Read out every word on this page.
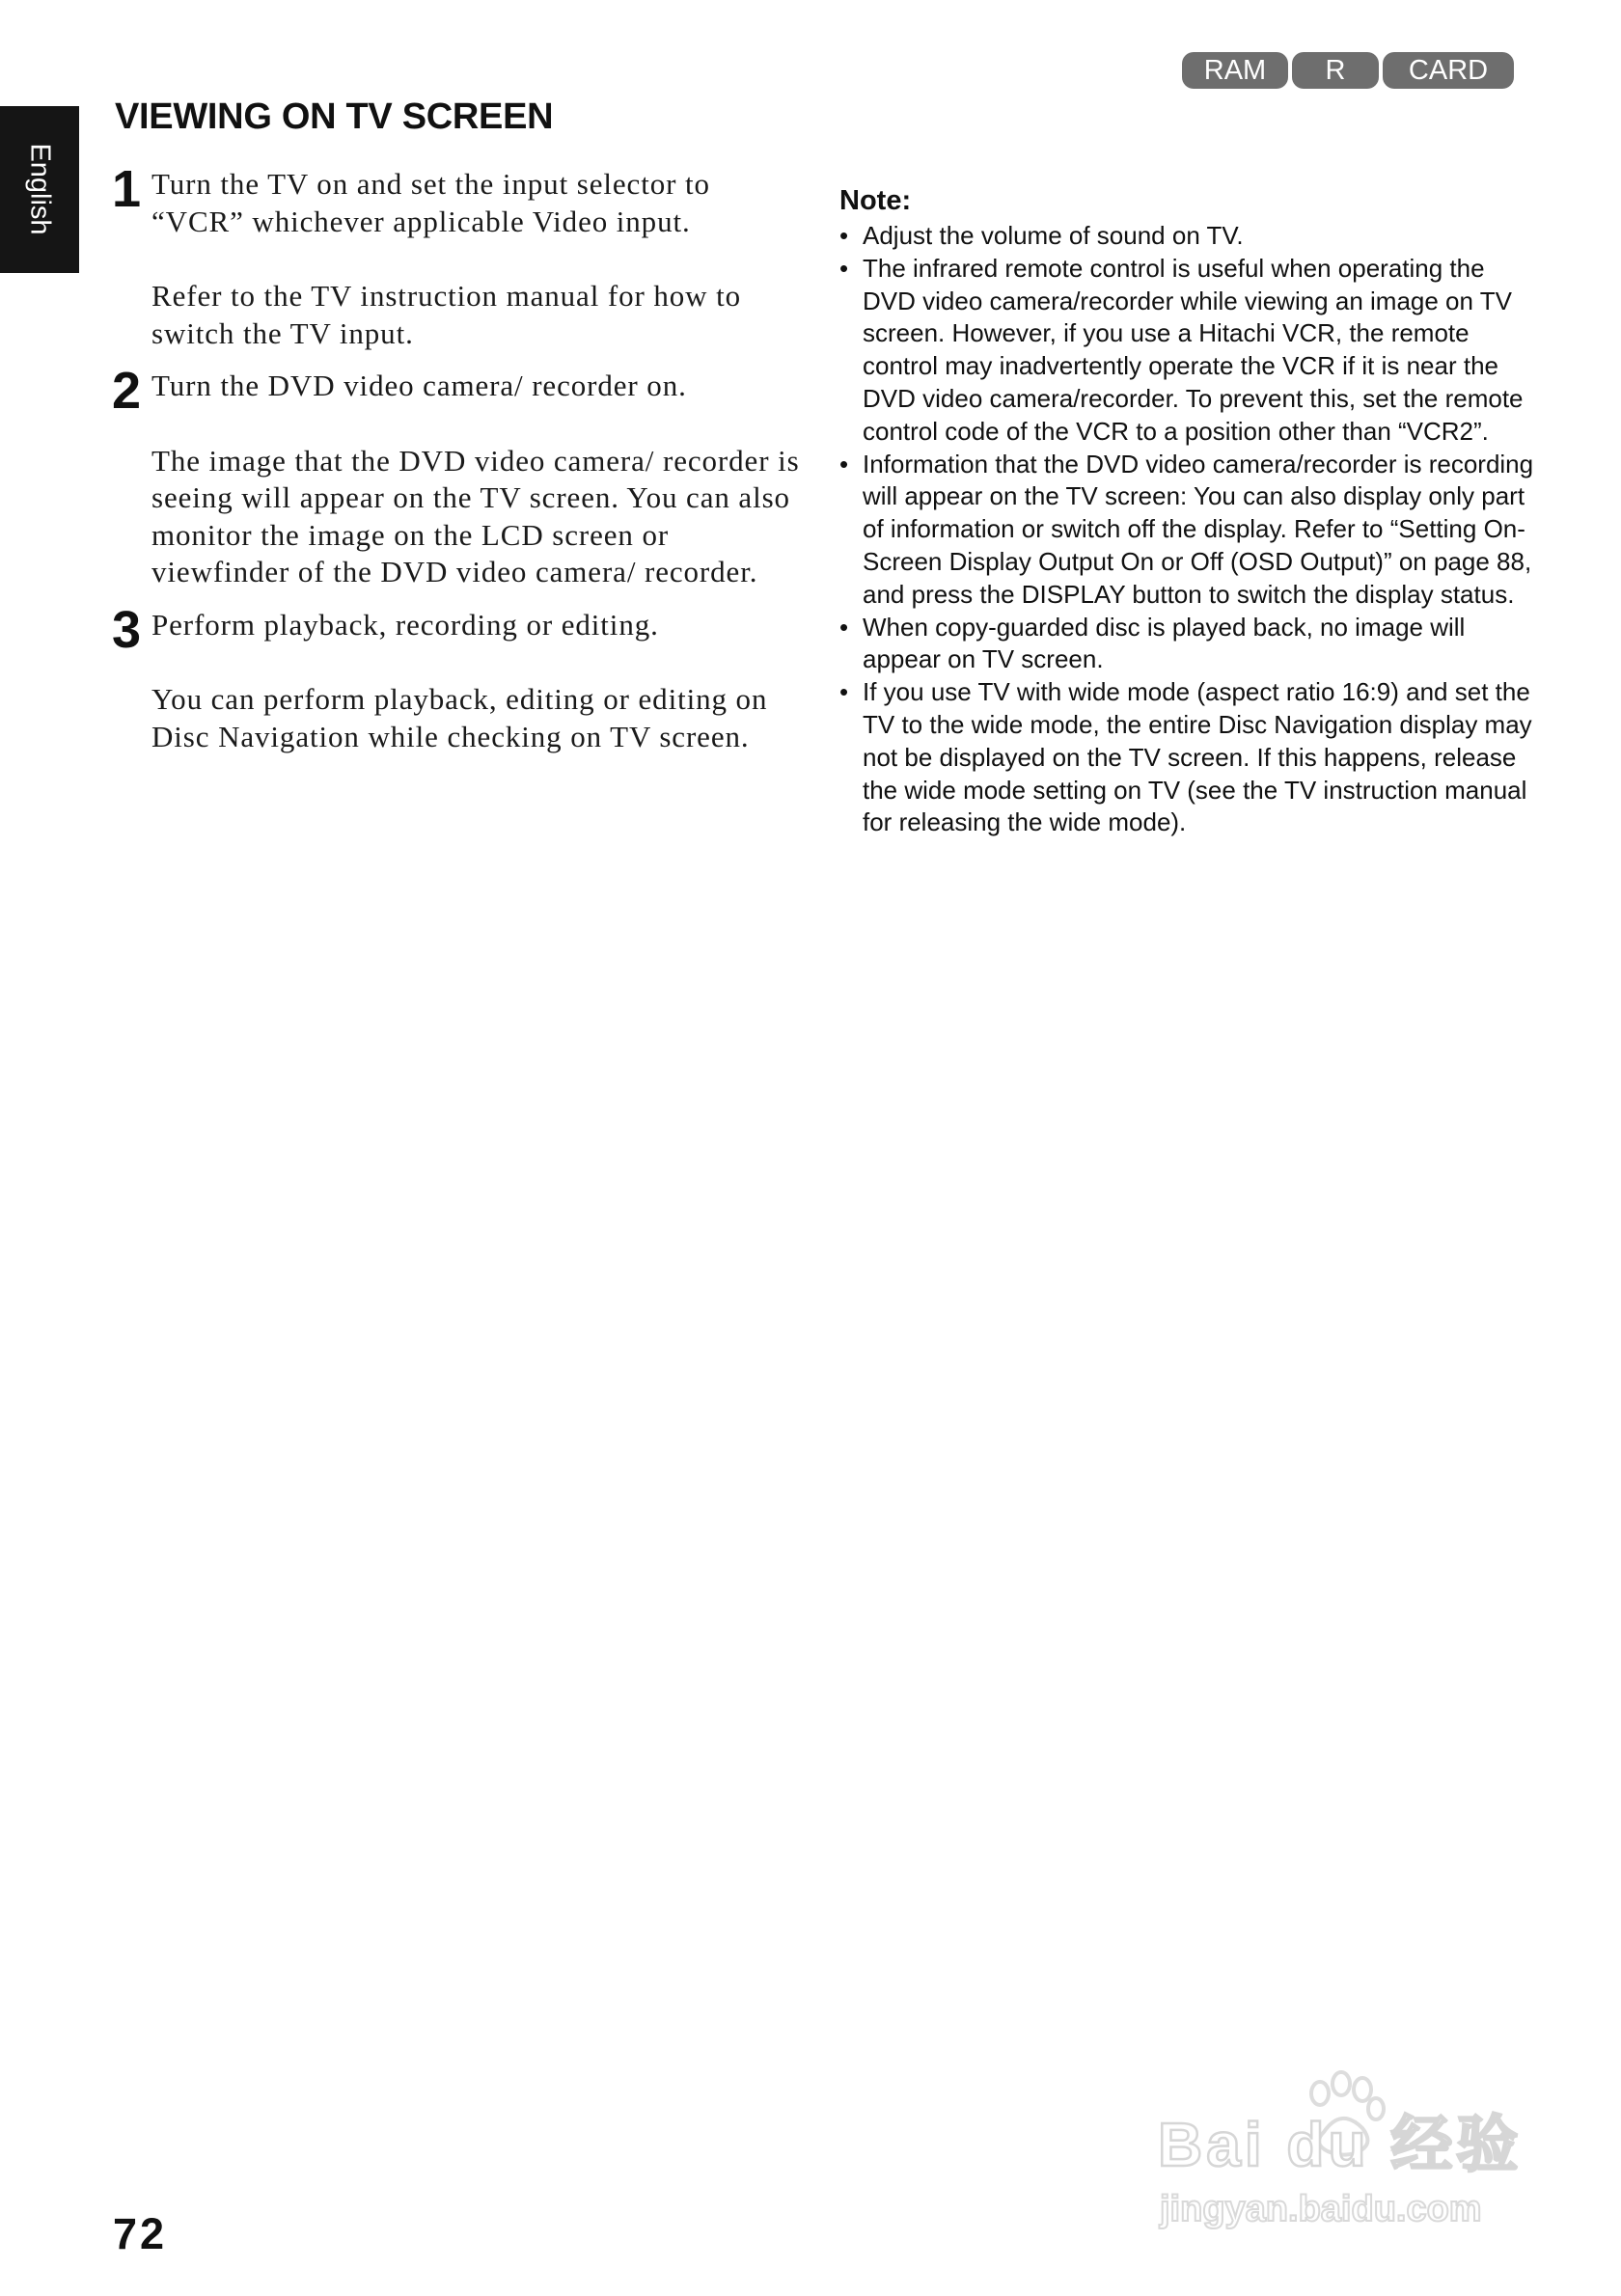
English
RAM	R	CARD
VIEWING ON TV SCREEN
1 Turn the TV on and set the input selector to “VCR” whichever applicable Video input.

Refer to the TV instruction manual for how to switch the TV input.

2 Turn the DVD video camera/ recorder on.

The image that the DVD video camera/ recorder is seeing will appear on the TV screen. You can also monitor the image on the LCD screen or viewfinder of the DVD video camera/ recorder.

3 Perform playback, recording or editing.

You can perform playback, editing or editing on Disc Navigation while checking on TV screen.

Note:
• Adjust the volume of sound on TV.
• The infrared remote control is useful when operating the DVD video camera/recorder while viewing an image on TV screen. However, if you use a Hitachi VCR, the remote control may inadvertently operate the VCR if it is near the DVD video camera/recorder. To prevent this, set the remote control code of the VCR to a position other than “VCR2”.
• Information that the DVD video camera/recorder is recording will appear on the TV screen: You can also display only part of information or switch off the display. Refer to “Setting On-Screen Display Output On or Off (OSD Output)” on page 88, and press the DISPLAY button to switch the display status.
• When copy-guarded disc is played back, no image will appear on TV screen.
• If you use TV with wide mode (aspect ratio 16:9) and set the TV to the wide mode, the entire Disc Navigation display may not be displayed on the TV screen. If this happens, release the wide mode setting on TV (see the TV instruction manual for releasing the wide mode).
72
Bai du 经验
jingyan.baidu.com
